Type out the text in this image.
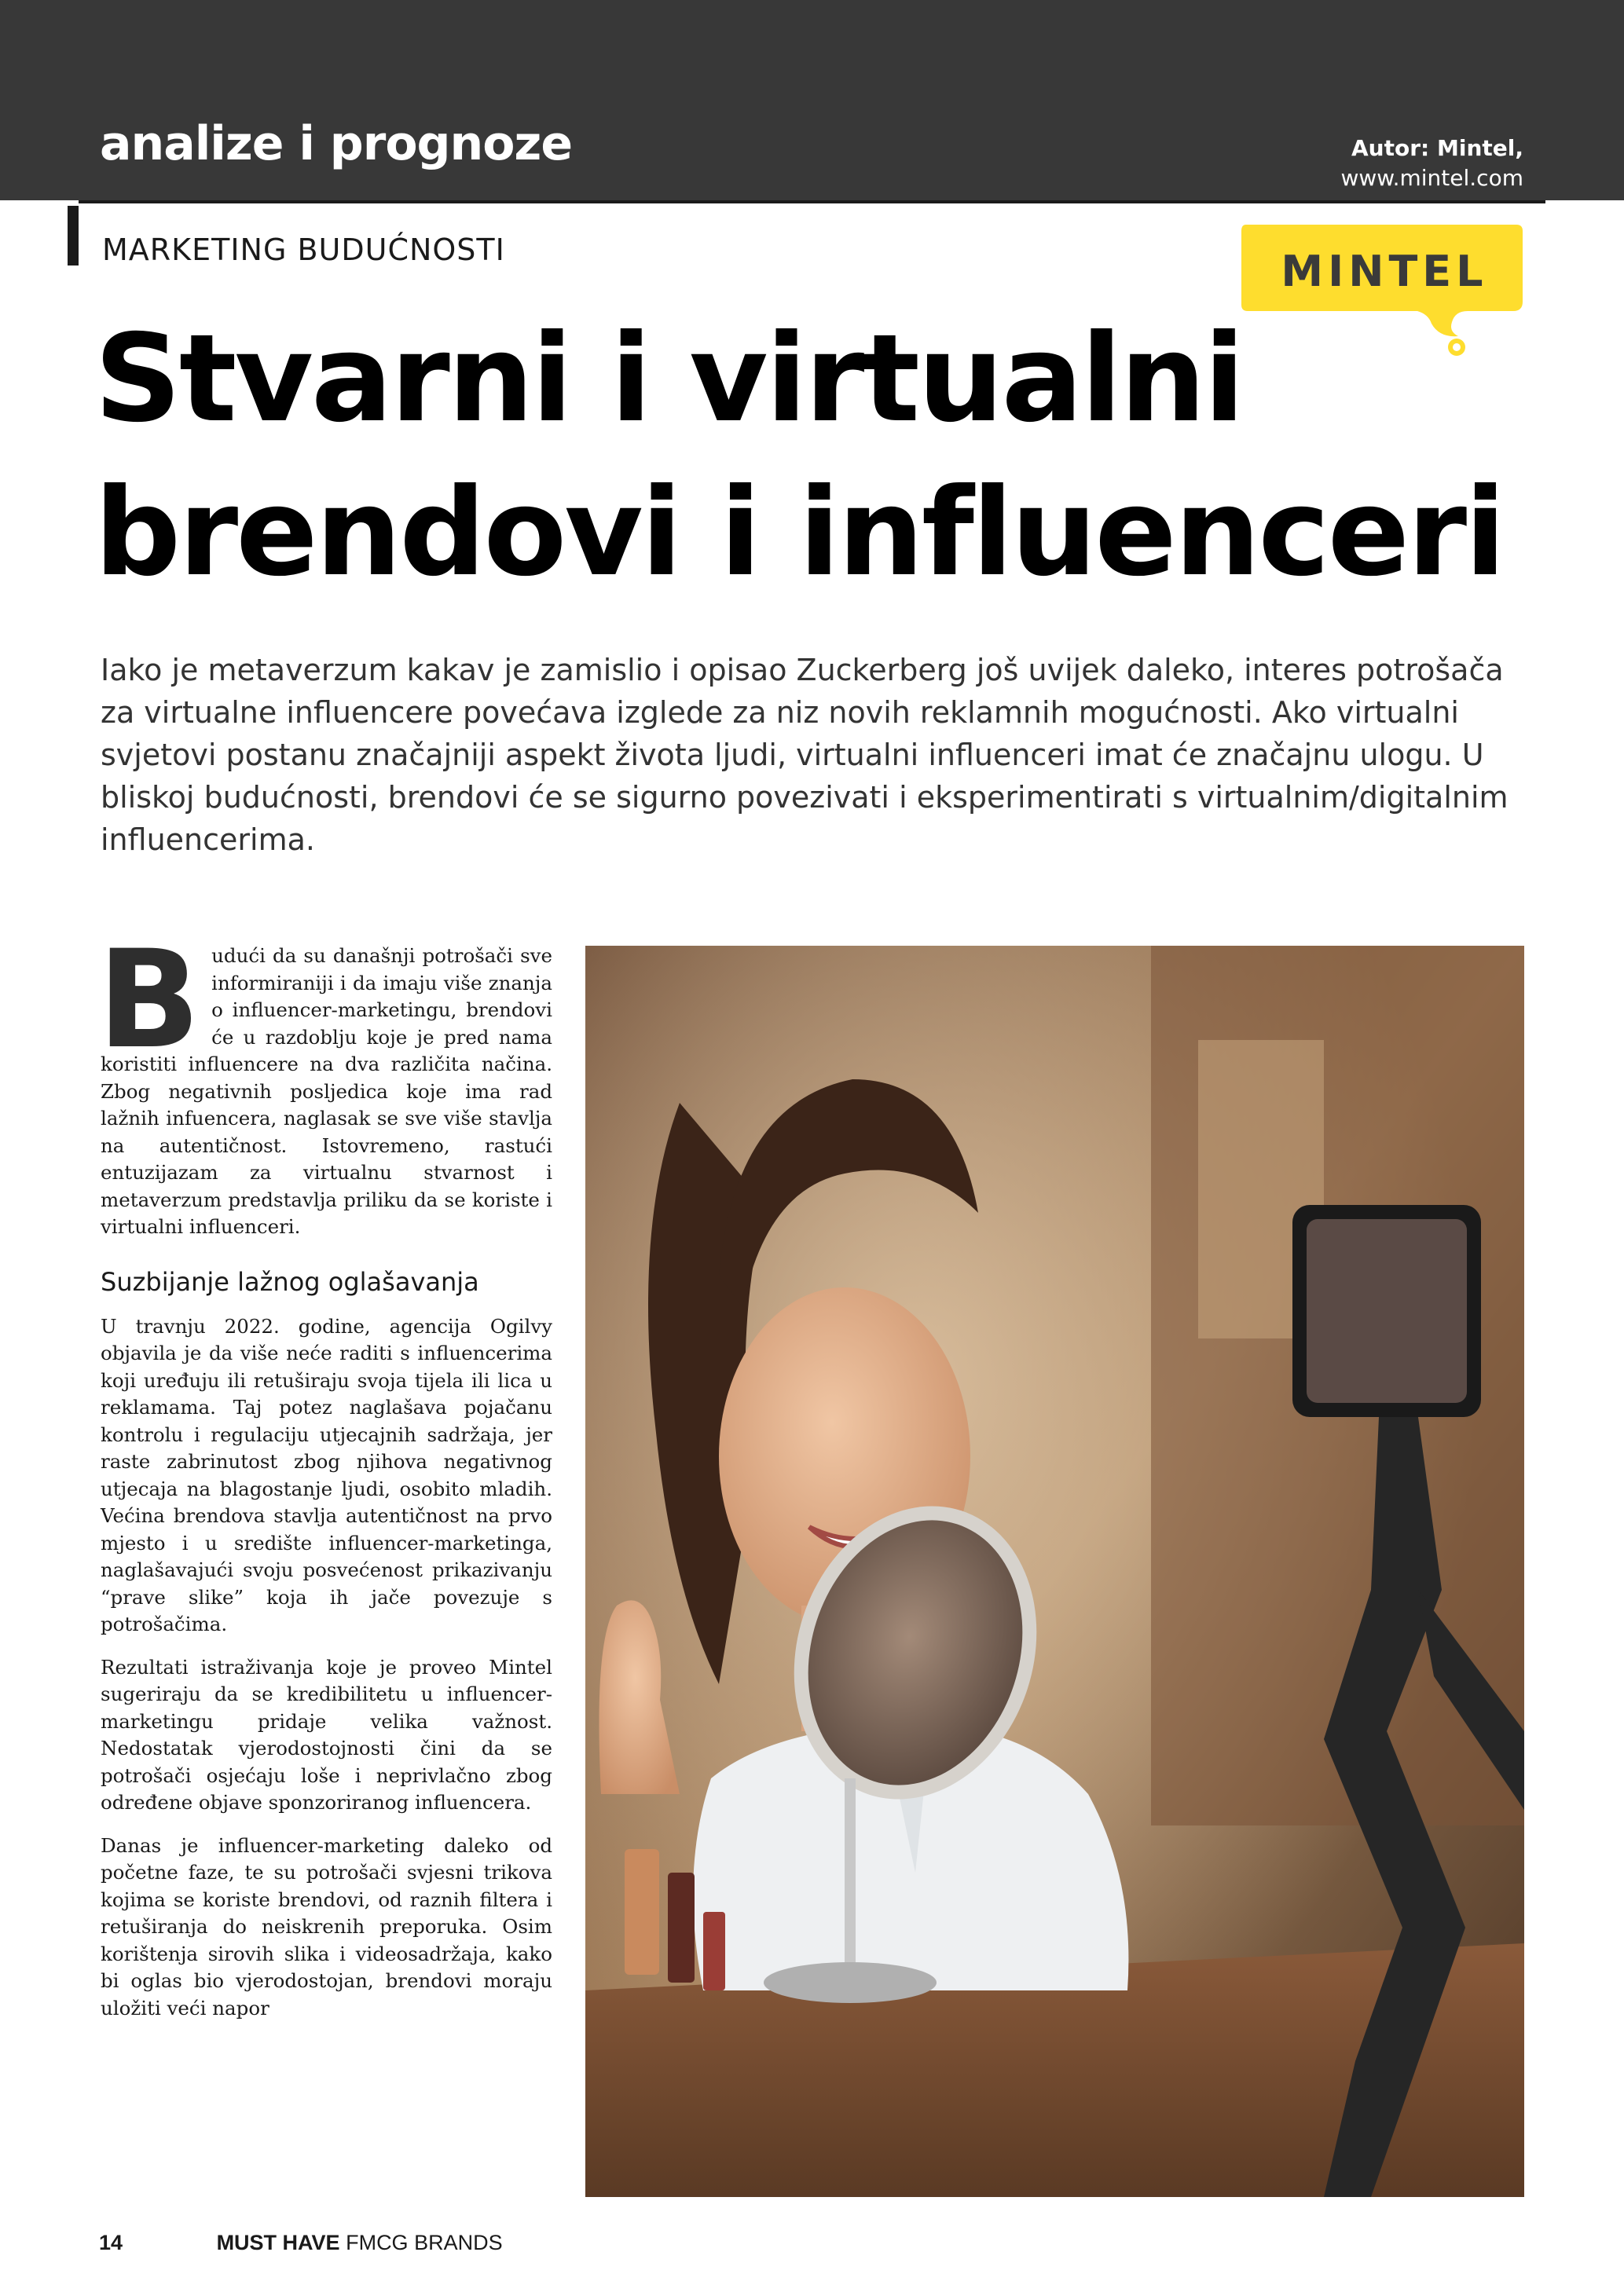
analize i prognoze	Autor: Mintel,
www.mintel.com
MARKETING BUDUĆNOSTI	MINTEL
Stvarni i virtualni
brendovi i influenceri
Iako je metaverzum kakav je zamislio i opisao Zuckerberg još uvijek daleko, interes potrošača za virtualne influencere povećava izglede za niz novih reklamnih mogućnosti. Ako virtualni svjetovi postanu značajniji aspekt života ljudi, virtualni influenceri imat će značajnu ulogu. U bliskoj budućnosti, brendovi će se sigurno povezivati i eksperimentirati s virtualnim/digitalnim influencerima.

Budući da su današnji potrošači sve informiraniji i da imaju više znanja o influencer-marketingu, brendovi će u razdoblju koje je pred nama koristiti influencere na dva različita načina. Zbog negativnih posljedica koje ima rad lažnih infuencera, naglasak se sve više stavlja na autentičnost. Istovremeno, rastući entuzijazam za virtualnu stvarnost i metaverzum predstavlja priliku da se koriste i virtualni influenceri.

Suzbijanje lažnog oglašavanja

U travnju 2022. godine, agencija Ogilvy objavila je da više neće raditi s influencerima koji uređuju ili retuširaju svoja tijela ili lica u reklamama. Taj potez naglašava pojačanu kontrolu i regulaciju utjecajnih sadržaja, jer raste zabrinutost zbog njihova negativnog utjecaja na blagostanje ljudi, osobito mladih. Većina brendova stavlja autentičnost na prvo mjesto i u središte influencer-marketinga, naglašavajući svoju posvećenost prikazivanju “prave slike” koja ih jače povezuje s potrošačima.

Rezultati istraživanja koje je proveo Mintel sugeriraju da se kredibilitetu u influencer-marketingu pridaje velika važnost. Nedostatak vjerodostojnosti čini da se potrošači osjećaju loše i neprivlačno zbog određene objave sponzoriranog influencera.

Danas je influencer-marketing daleko od početne faze, te su potrošači svjesni trikova kojima se koriste brendovi, od raznih filtera i retuširanja do neiskrenih preporuka. Osim korištenja sirovih slika i videosadržaja, kako bi oglas bio vjerodostojan, brendovi moraju uložiti veći napor

14	MUST HAVE FMCG BRANDS
